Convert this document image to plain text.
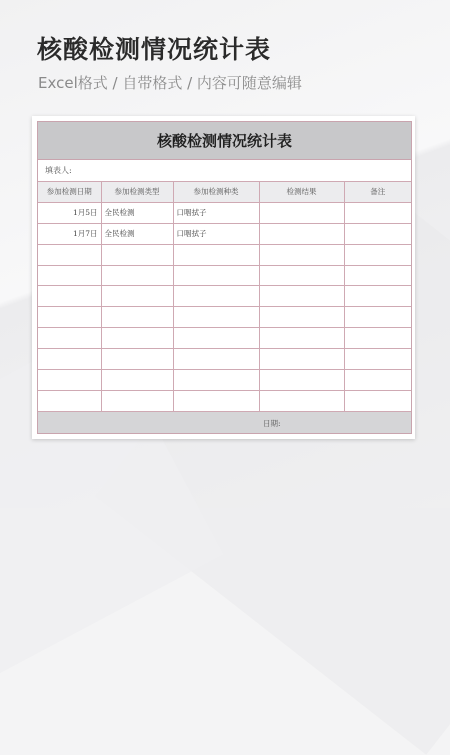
核酸检测情况统计表

Excel格式 / 自带格式 / 内容可随意编辑

核酸检测情况统计表
填表人:
参加检测日期	参加检测类型	参加检测种类	检测结果	备注
1月5日	全民检测	口咽拭子		
1月7日	全民检测	口咽拭子		

日期:
